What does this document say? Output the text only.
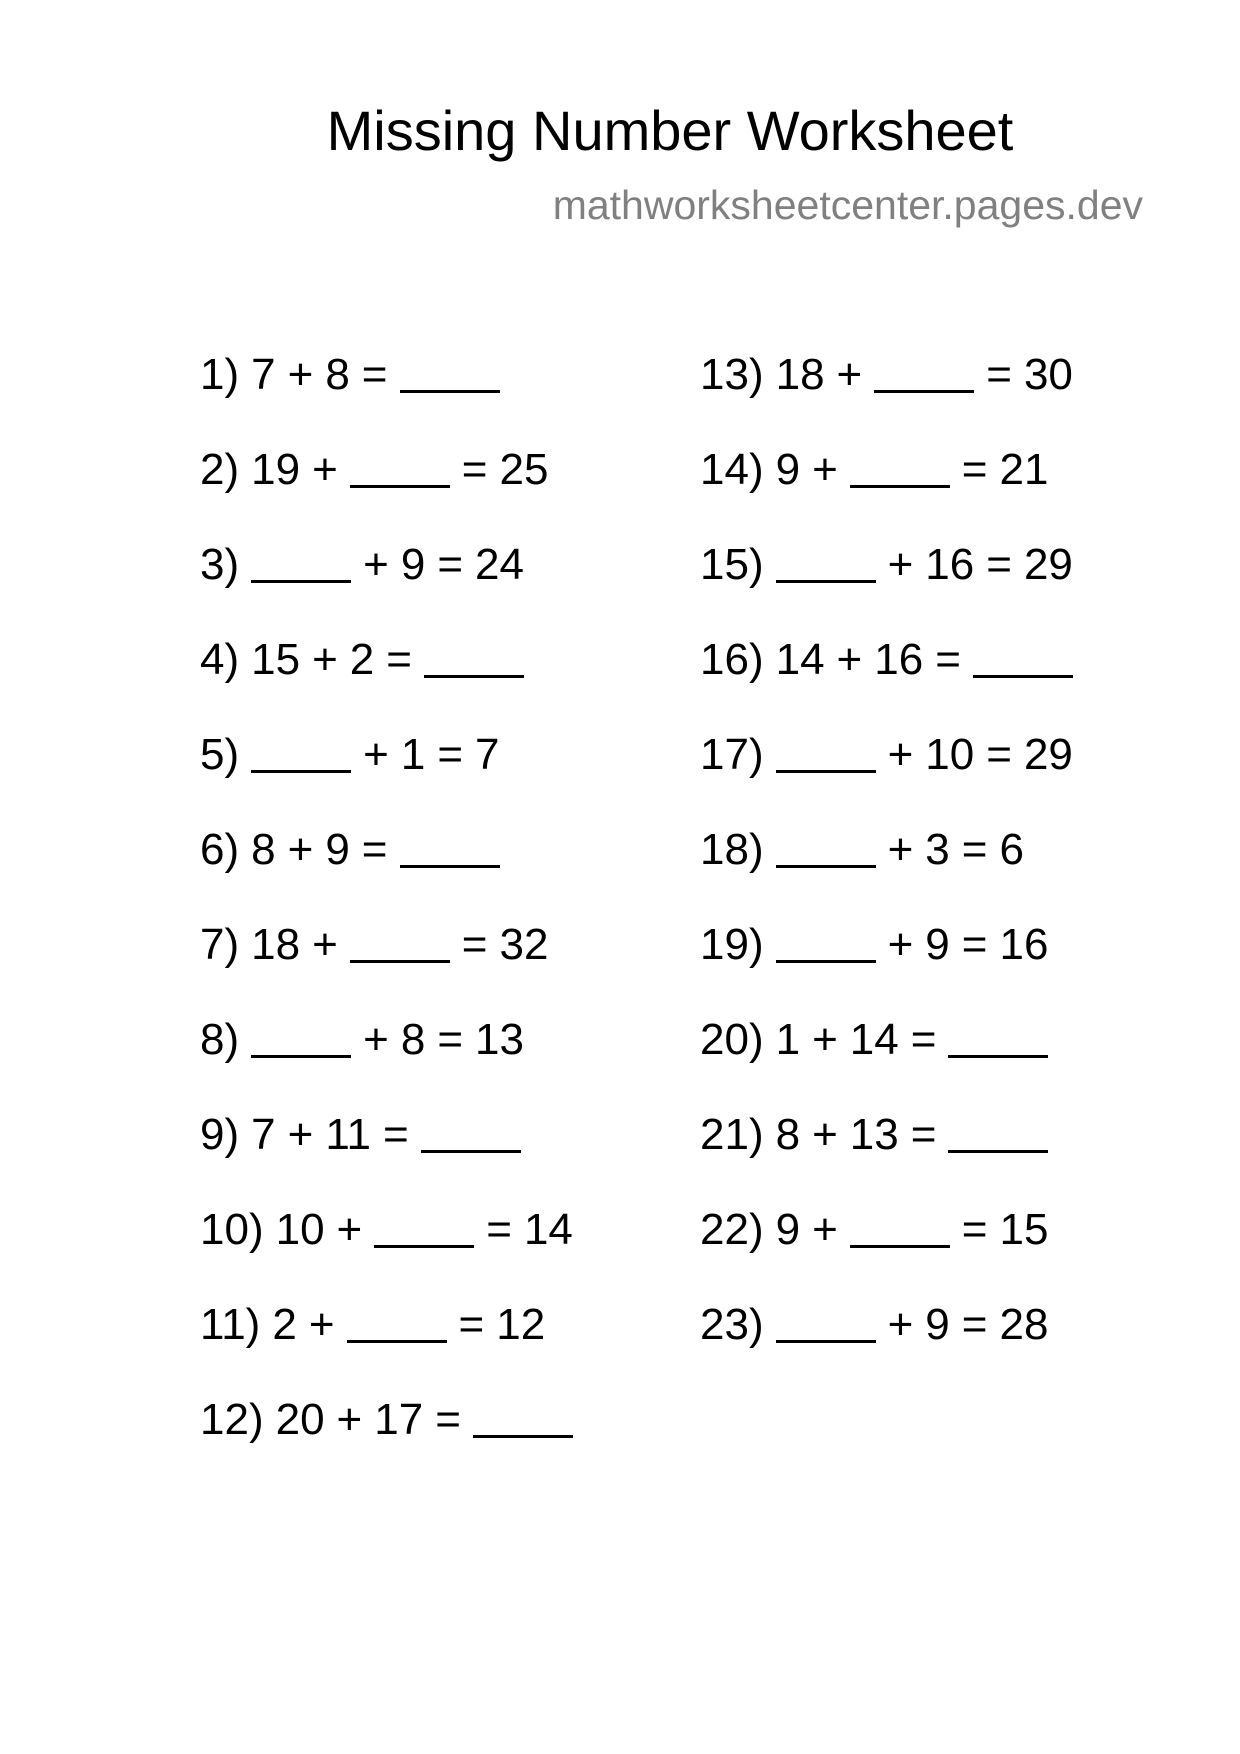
Missing Number Worksheet
mathworksheetcenter.pages.dev
1) 7 + 8 =
2) 19 +	= 25
3)	+ 9 = 24
4) 15 + 2 =
5)	+ 1 = 7
6) 8 + 9 =
7) 18 +	= 32
8)	+ 8 = 13
9) 7 + 11 =
10) 10 +	= 14
11) 2 +	= 12
12) 20 + 17 =
13) 18 +	= 30
14) 9 +	= 21
15)	+ 16 = 29
16) 14 + 16 =
17)	+ 10 = 29
18)	+ 3 = 6
19)	+ 9 = 16
20) 1 + 14 =
21) 8 + 13 =
22) 9 +	= 15
23)	+ 9 = 28
